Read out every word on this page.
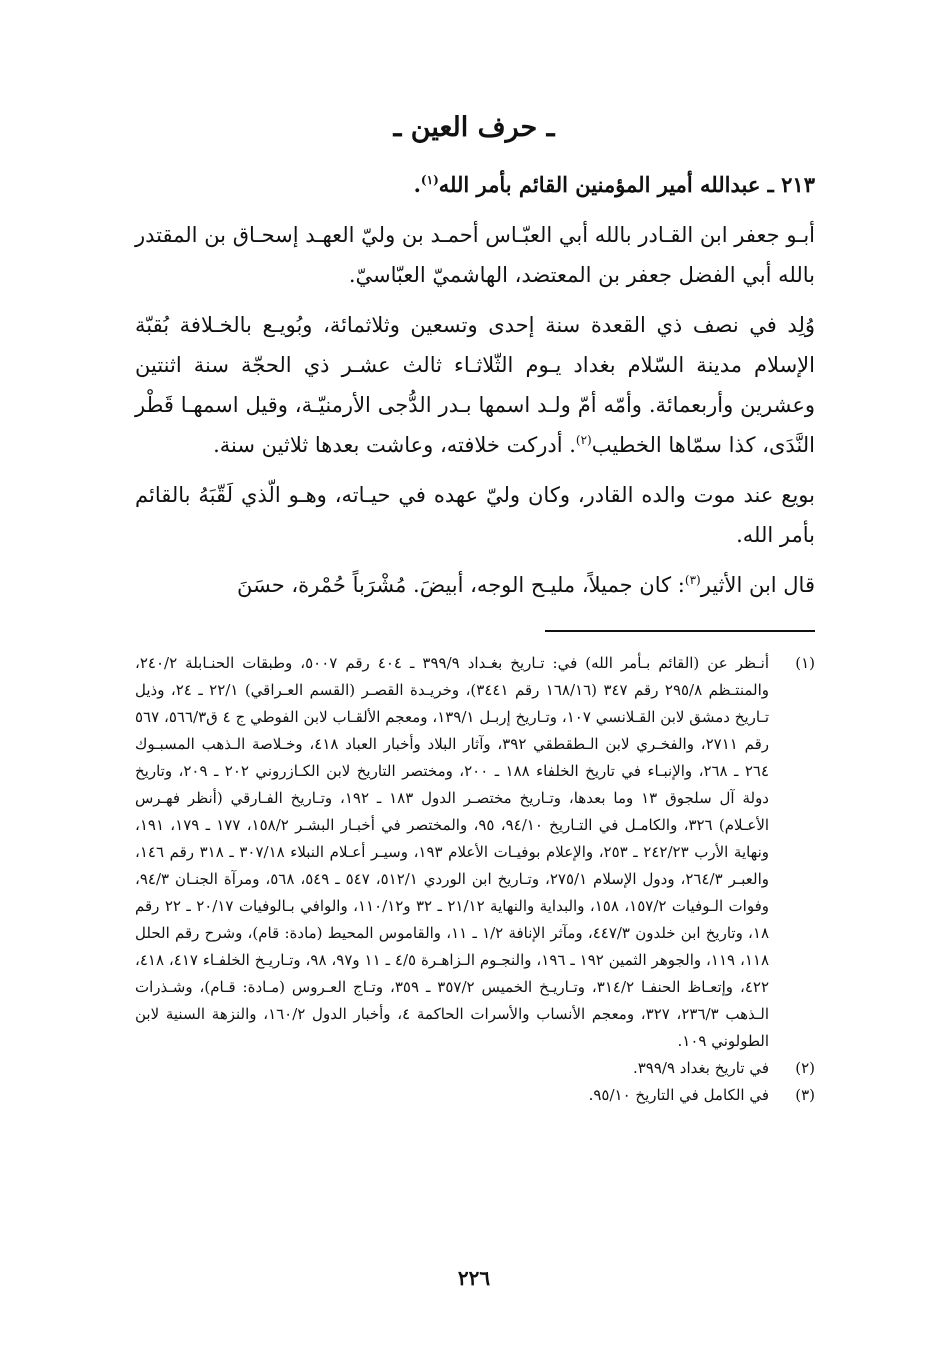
ـ حرف العين ـ

٢١٣ ـ عبدالله أمير المؤمنين القائم بأمر الله$^{(١)}$.

أبـو جعفر ابن القـادر بالله أبي العبّـاس أحمـد بن وليّ العهـد إسحـاق بن المقتدر بالله أبي الفضل جعفر بن المعتضد، الهاشميّ العبّاسيّ.

وُلِد في نصف ذي القعدة سنة إحدى وتسعين وثلاثمائة، وبُويـع بالخـلافة بُقبّة الإسلام مدينة السّلام بغداد يـوم الثّلاثـاء ثالث عشـر ذي الحجّة سنة اثنتين وعشرين وأربعمائة. وأمّه أمّ ولـد اسمها بـدر الدُّجى الأرمنيّـة، وقيل اسمهـا قَطْر النَّدَى، كذا سمّاها الخطيب$^{(٢)}$. أدركت خلافته، وعاشت بعدها ثلاثين سنة.

بويع عند موت والده القادر، وكان وليّ عهده في حيـاته، وهـو الّذي لَقّبَهُ بالقائم بأمر الله.

قال ابن الأثير$^{(٣)}$: كان جميلاً، مليـح الوجه، أبيضَ. مُشْرَباً حُمْرة، حسَنَ

(١)
أنـظر عن (القائم بـأمر الله) في: تـاريخ بغـداد ٣٩٩/٩ ـ ٤٠٤ رقم ٥٠٠٧، وطبقات الحنـابلة ٢٤٠/٢، والمنتـظم ٢٩٥/٨ رقم ٣٤٧ (١٦٨/١٦ رقم ٣٤٤١)، وخريـدة القصـر (القسم العـراقي) ٢٢/١ ـ ٢٤، وذيل تـاريخ دمشق لابن القـلانسي ١٠٧، وتـاريخ إربـل ١٣٩/١، ومعجم الألقـاب لابن الفوطي ج ٤ ق٥٦٦/٣، ٥٦٧ رقم ٢٧١١، والفخـري لابن الـطقطقي ٣٩٢، وآثار البلاد وأخبار العباد ٤١٨، وخـلاصة الـذهب المسبـوك ٢٦٤ ـ ٢٦٨، والإنبـاء في تاريخ الخلفاء ١٨٨ ـ ٢٠٠، ومختصر التاريخ لابن الكـازروني ٢٠٢ ـ ٢٠٩، وتاريخ دولة آل سلجوق ١٣ وما بعدها، وتـاريخ مختصـر الدول ١٨٣ ـ ١٩٢، وتـاريخ الفـارقي (أنظر فهـرس الأعـلام) ٣٢٦، والكامـل في التـاريخ ٩٤/١٠، ٩٥، والمختصر في أخبـار البشـر ١٥٨/٢، ١٧٧ ـ ١٧٩، ١٩١، ونهاية الأرب ٢٤٢/٢٣ ـ ٢٥٣، والإعلام بوفيـات الأعلام ١٩٣، وسيـر أعـلام النبلاء ٣٠٧/١٨ ـ ٣١٨ رقم ١٤٦، والعبـر ٢٦٤/٣، ودول الإسلام ٢٧٥/١، وتـاريخ ابن الوردي ٥١٢/١، ٥٤٧ ـ ٥٤٩، ٥٦٨، ومرآة الجنـان ٩٤/٣، وفوات الـوفيات ١٥٧/٢، ١٥٨، والبداية والنهاية ٢١/١٢ ـ ٣٢ و١١٠/١٢، والوافي بـالوفيات ٢٠/١٧ ـ ٢٢ رقم ١٨، وتاريخ ابن خلدون ٤٤٧/٣، ومآثر الإنافة ١/٢ ـ ١١، والقاموس المحيط (مادة: قام)، وشرح رقم الحلل ١١٨، ١١٩، والجوهر الثمين ١٩٢ ـ ١٩٦، والنجـوم الـزاهـرة ٤/٥ ـ ١١ و٩٧، ٩٨، وتـاريـخ الخلفـاء ٤١٧، ٤١٨، ٤٢٢، وإتعـاظ الحنفـا ٣١٤/٢، وتـاريـخ الخميس ٣٥٧/٢ ـ ٣٥٩، وتـاج العـروس (مـادة: قـام)، وشـذرات الـذهب ٢٣٦/٣، ٣٢٧، ومعجم الأنساب والأسرات الحاكمة ٤، وأخبار الدول ١٦٠/٢، والنزهة السنية لابن الطولوني ١٠٩.
(٢)
في تاريخ بغداد ٣٩٩/٩.
(٣)
في الكامل في التاريخ ٩٥/١٠.
٢٢٦
